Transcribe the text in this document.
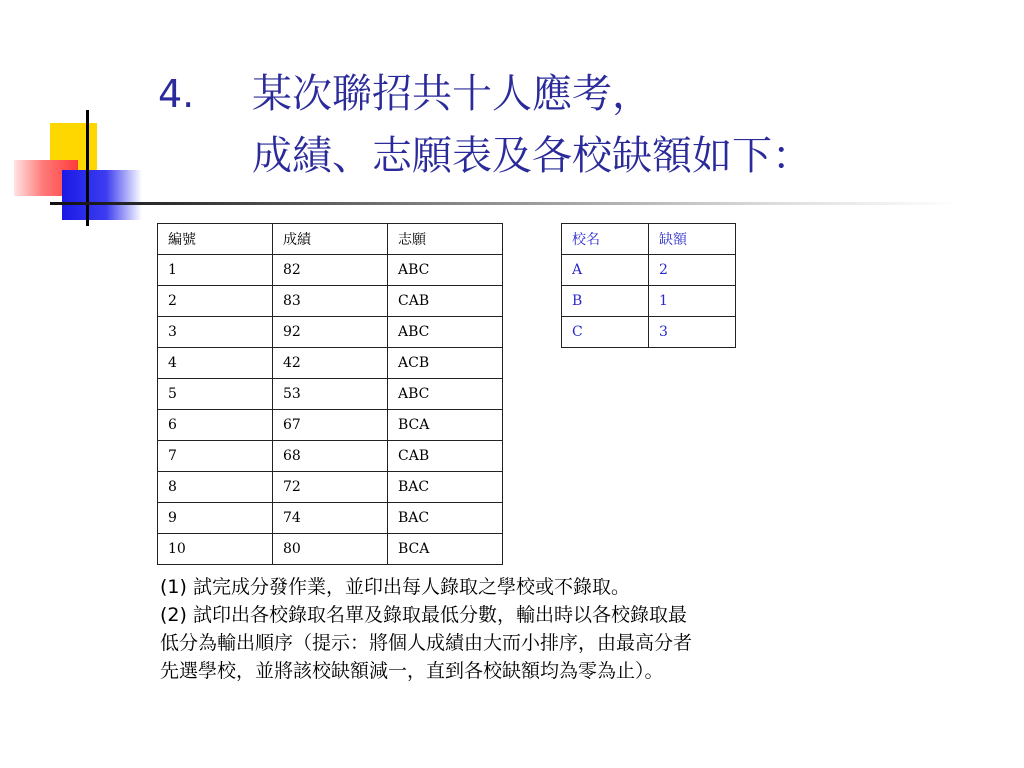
4. 某次聯招共十人應考，
成績、志願表及各校缺額如下：
編號	成績	志願
1	82	ABC
2	83	CAB
3	92	ABC
4	42	ACB
5	53	ABC
6	67	BCA
7	68	CAB
8	72	BAC
9	74	BAC
10	80	BCA
校名	缺額
A	2
B	1
C	3
(1) 試完成分發作業，並印出每人錄取之學校或不錄取。
(2) 試印出各校錄取名單及錄取最低分數，輸出時以各校錄取最
低分為輸出順序（提示：將個人成績由大而小排序，由最高分者
先選學校，並將該校缺額減一，直到各校缺額均為零為止）。
